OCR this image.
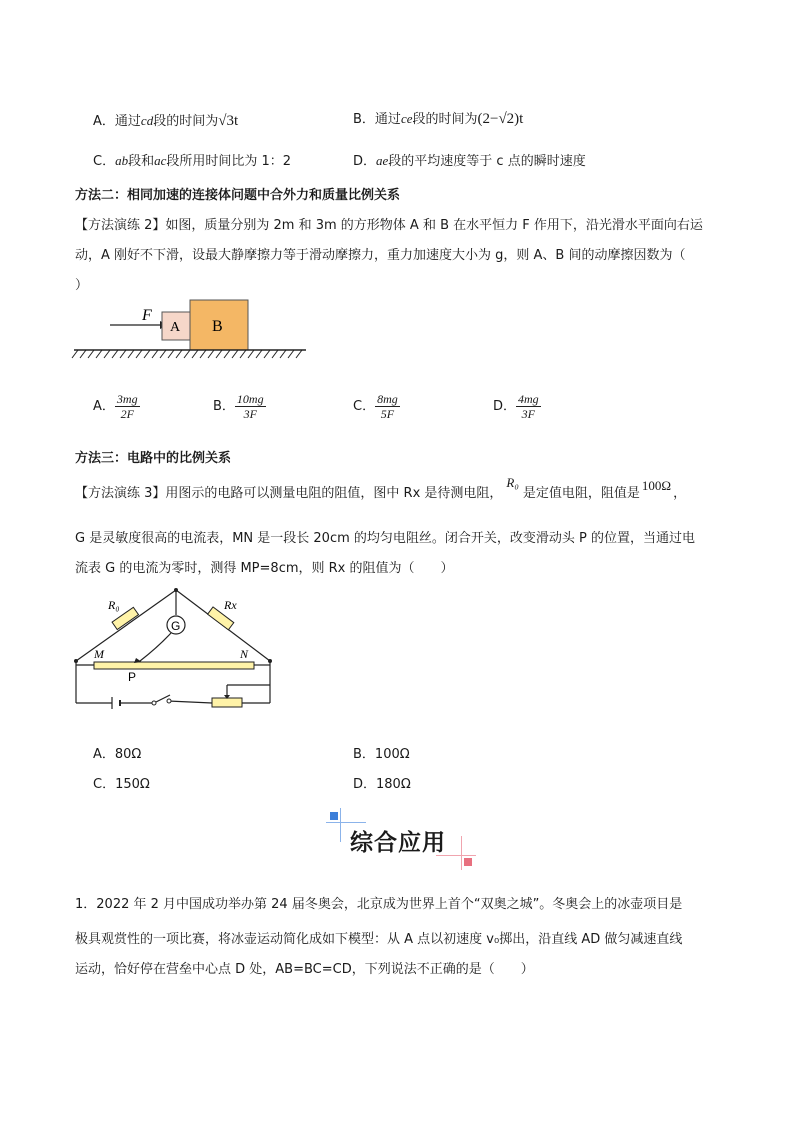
A．通过cd段的时间为√3t	B．通过ce段的时间为(2−√2)t
C．ab段和ac段所用时间比为 1：2	D．ae段的平均速度等于 c 点的瞬时速度
方法二：相同加速的连接体问题中合外力和质量比例关系
【方法演练 2】如图，质量分别为 2m 和 3m 的方形物体 A 和 B 在水平恒力 F 作用下，沿光滑水平面向右运
动，A 刚好不下滑，设最大静摩擦力等于滑动摩擦力，重力加速度大小为 g，则 A、B 间的动摩擦因数为（
）
F
A B
A． $\frac{3mg}{2F}$	B． $\frac{10mg}{3F}$	C． $\frac{8mg}{5F}$	D． $\frac{4mg}{3F}$
方法三：电路中的比例关系
【方法演练 3】用图示的电路可以测量电阻的阻值，图中 Rx 是待测电阻，R₀是定值电阻，阻值是100Ω，
G 是灵敏度很高的电流表，MN 是一段长 20cm 的均匀电阻丝。闭合开关，改变滑动头 P 的位置，当通过电
流表 G 的电流为零时，测得 MP=8cm，则 Rx 的阻值为（　　）
G
R₀	Rx
M	N
P
A．80Ω	B．100Ω
C．150Ω	D．180Ω
综合应用
1．2022 年 2 月中国成功举办第 24 届冬奥会，北京成为世界上首个“双奥之城”。冬奥会上的冰壶项目是
极具观赏性的一项比赛，将冰壶运动简化成如下模型：从 A 点以初速度 v₀掷出，沿直线 AD 做匀减速直线
运动，恰好停在营垒中心点 D 处，AB=BC=CD，下列说法不正确的是（　　）
